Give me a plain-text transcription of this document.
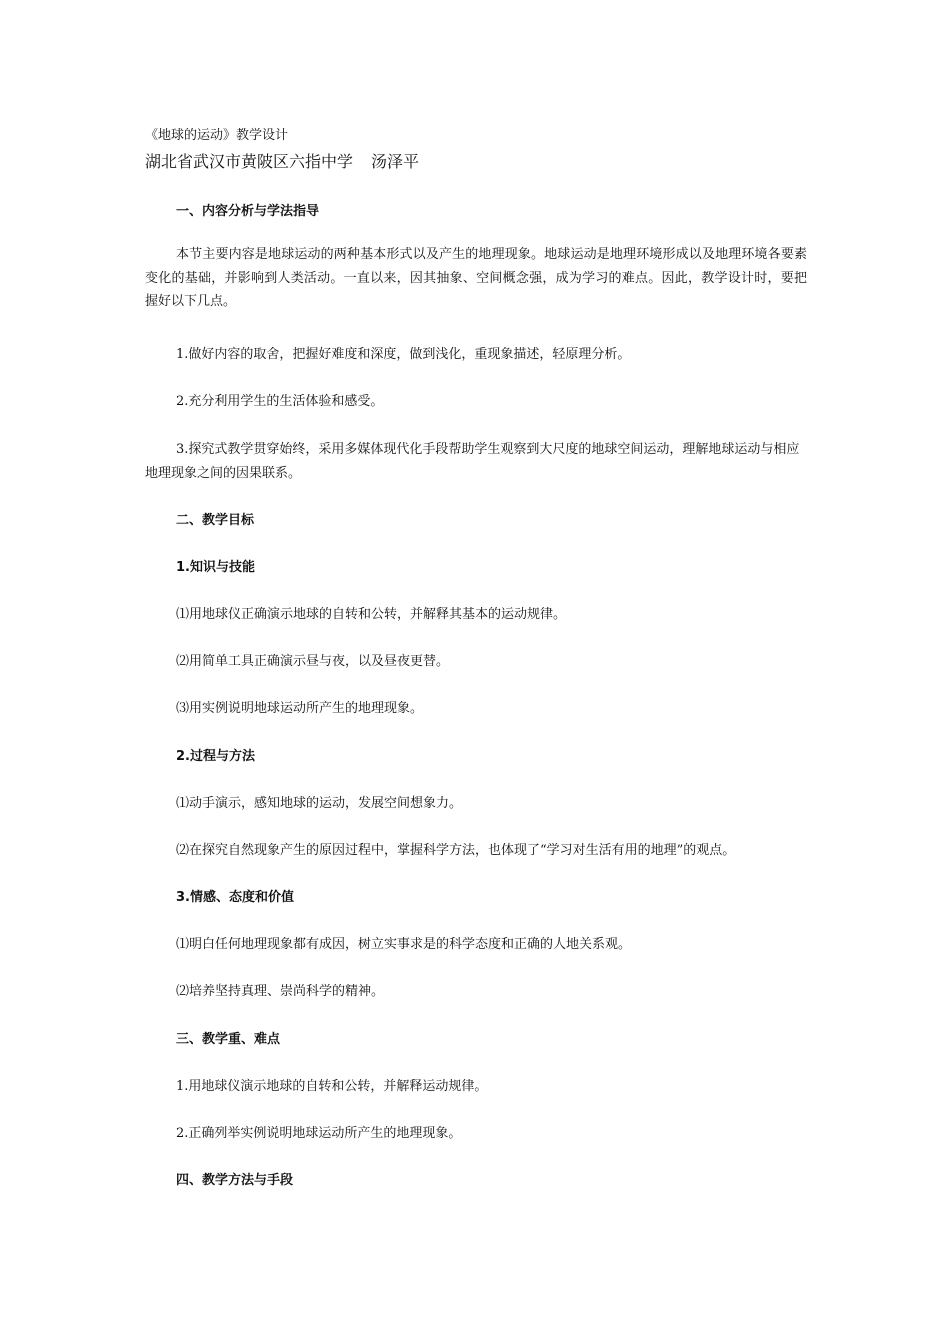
《地球的运动》教学设计
湖北省武汉市黄陂区六指中学 汤泽平
一、内容分析与学法指导
本节主要内容是地球运动的两种基本形式以及产生的地理现象。地球运动是地理环境形成以及地理环境各要素变化的基础，并影响到人类活动。一直以来，因其抽象、空间概念强，成为学习的难点。因此，教学设计时，要把握好以下几点。
1.做好内容的取舍，把握好难度和深度，做到浅化，重现象描述，轻原理分析。
2.充分利用学生的生活体验和感受。
3.探究式教学贯穿始终，采用多媒体现代化手段帮助学生观察到大尺度的地球空间运动，理解地球运动与相应地理现象之间的因果联系。
二、教学目标
1.知识与技能
⑴用地球仪正确演示地球的自转和公转，并解释其基本的运动规律。
⑵用简单工具正确演示昼与夜，以及昼夜更替。
⑶用实例说明地球运动所产生的地理现象。
2.过程与方法
⑴动手演示，感知地球的运动，发展空间想象力。
⑵在探究自然现象产生的原因过程中，掌握科学方法，也体现了“学习对生活有用的地理”的观点。
3.情感、态度和价值
⑴明白任何地理现象都有成因，树立实事求是的科学态度和正确的人地关系观。
⑵培养坚持真理、崇尚科学的精神。
三、教学重、难点
1.用地球仪演示地球的自转和公转，并解释运动规律。
2.正确列举实例说明地球运动所产生的地理现象。
四、教学方法与手段
